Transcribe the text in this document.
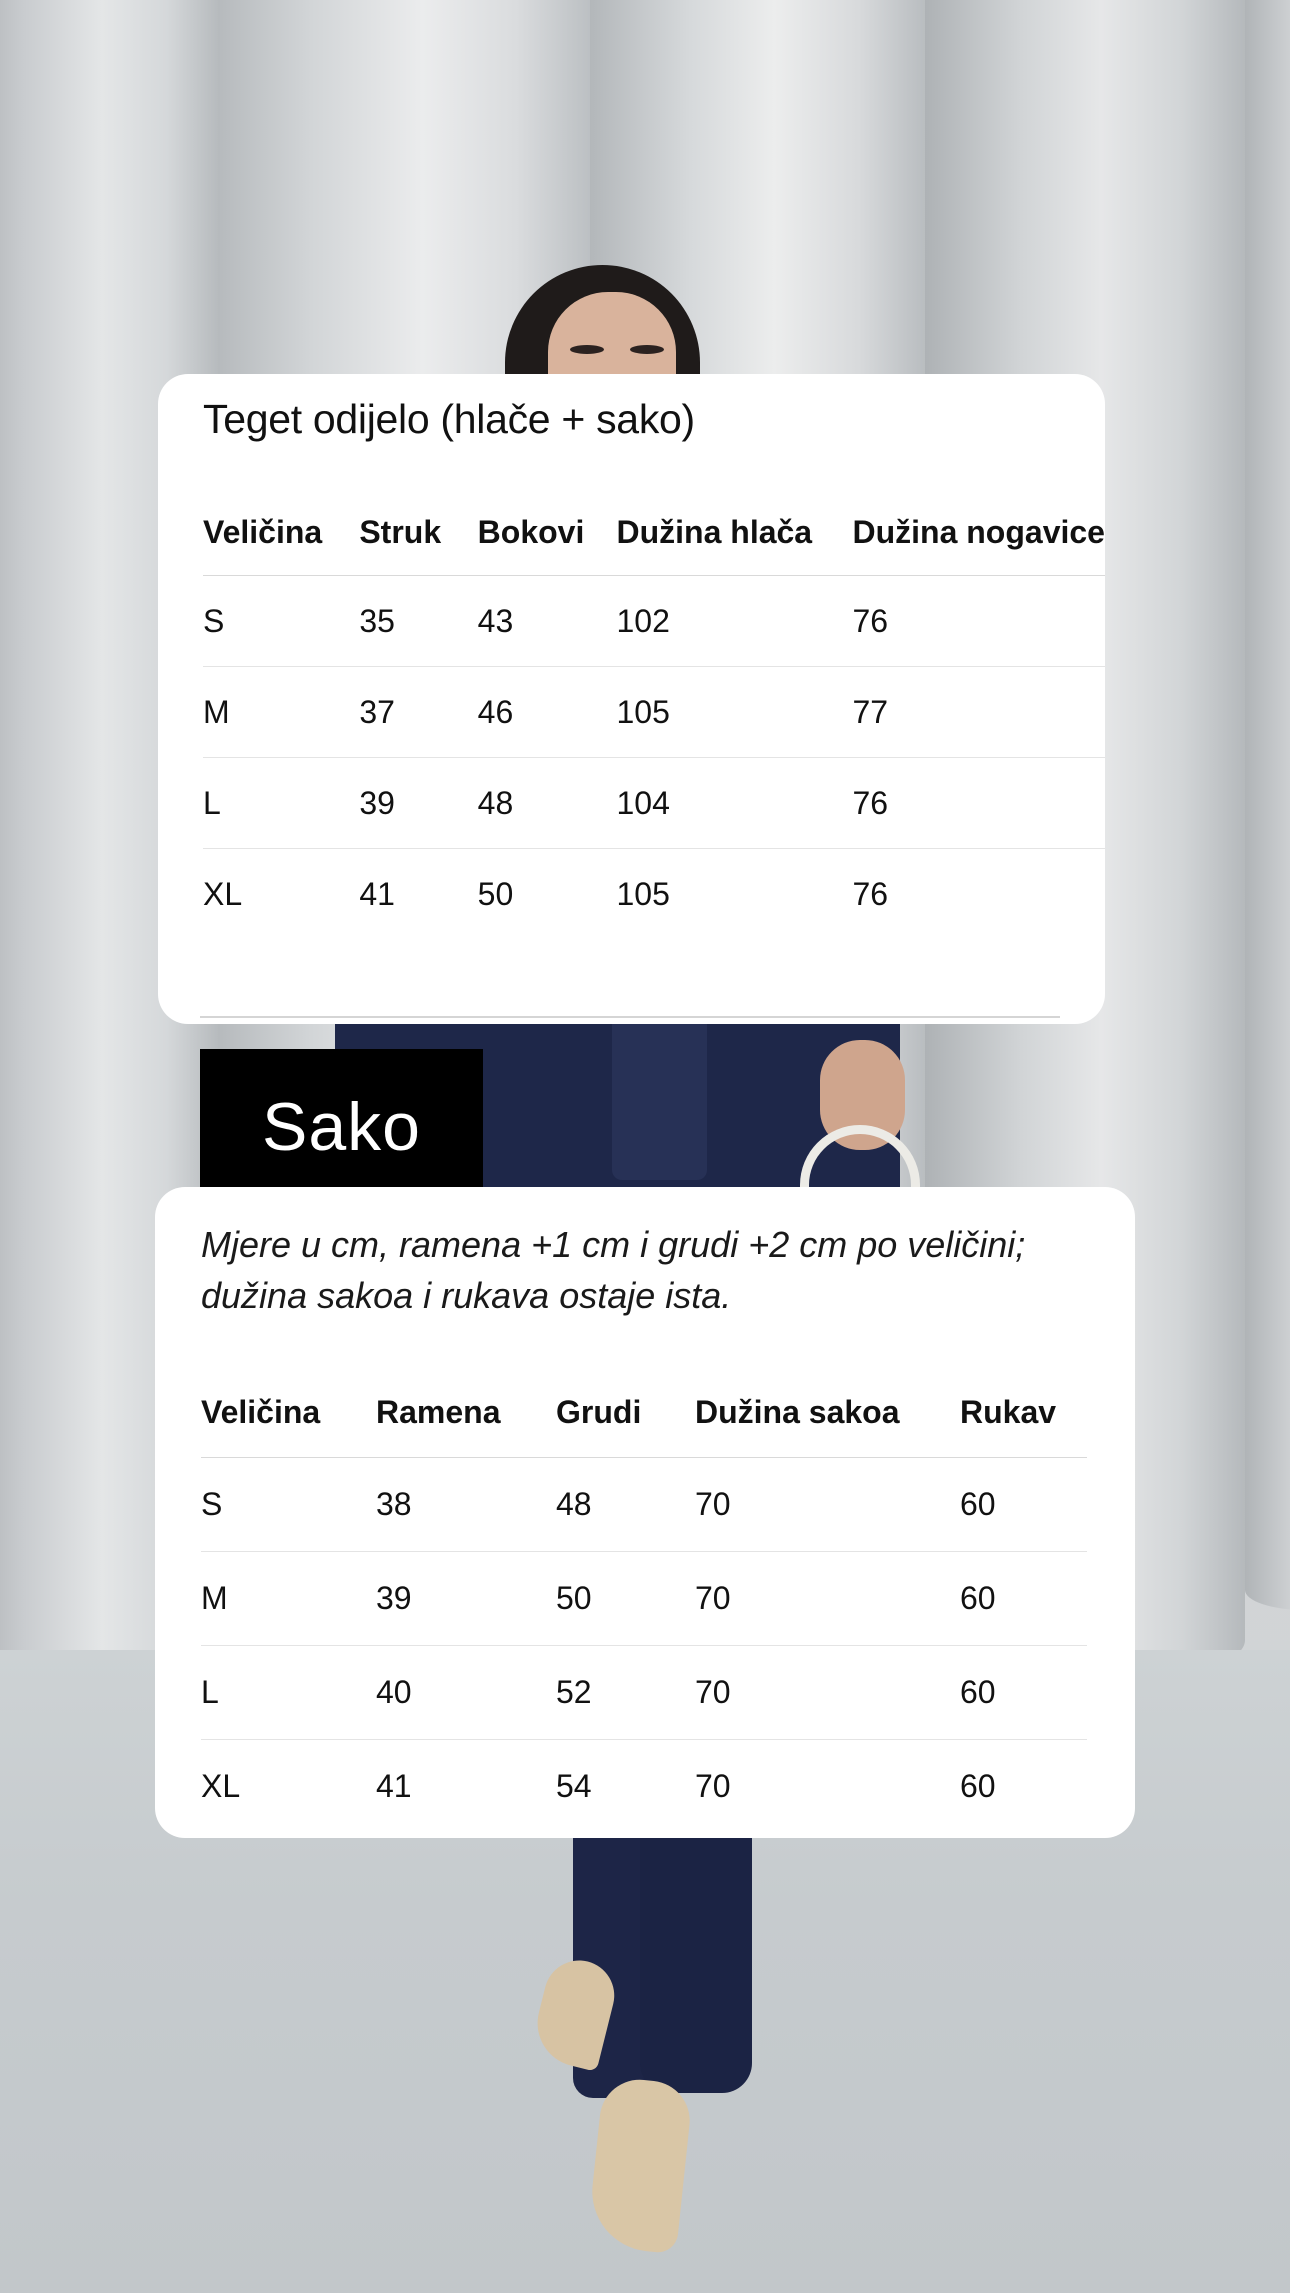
Teget odijelo (hlače + sako)
Veličina	Struk	Bokovi	Dužina hlača	Dužina nogavice
S	35	43	102	76
M	37	46	105	77
L	39	48	104	76
XL	41	50	105	76
Sako
Mjere u cm, ramena +1 cm i grudi +2 cm po veličini; dužina sakoa i rukava ostaje ista.
Veličina	Ramena	Grudi	Dužina sakoa	Rukav
S	38	48	70	60
M	39	50	70	60
L	40	52	70	60
XL	41	54	70	60
